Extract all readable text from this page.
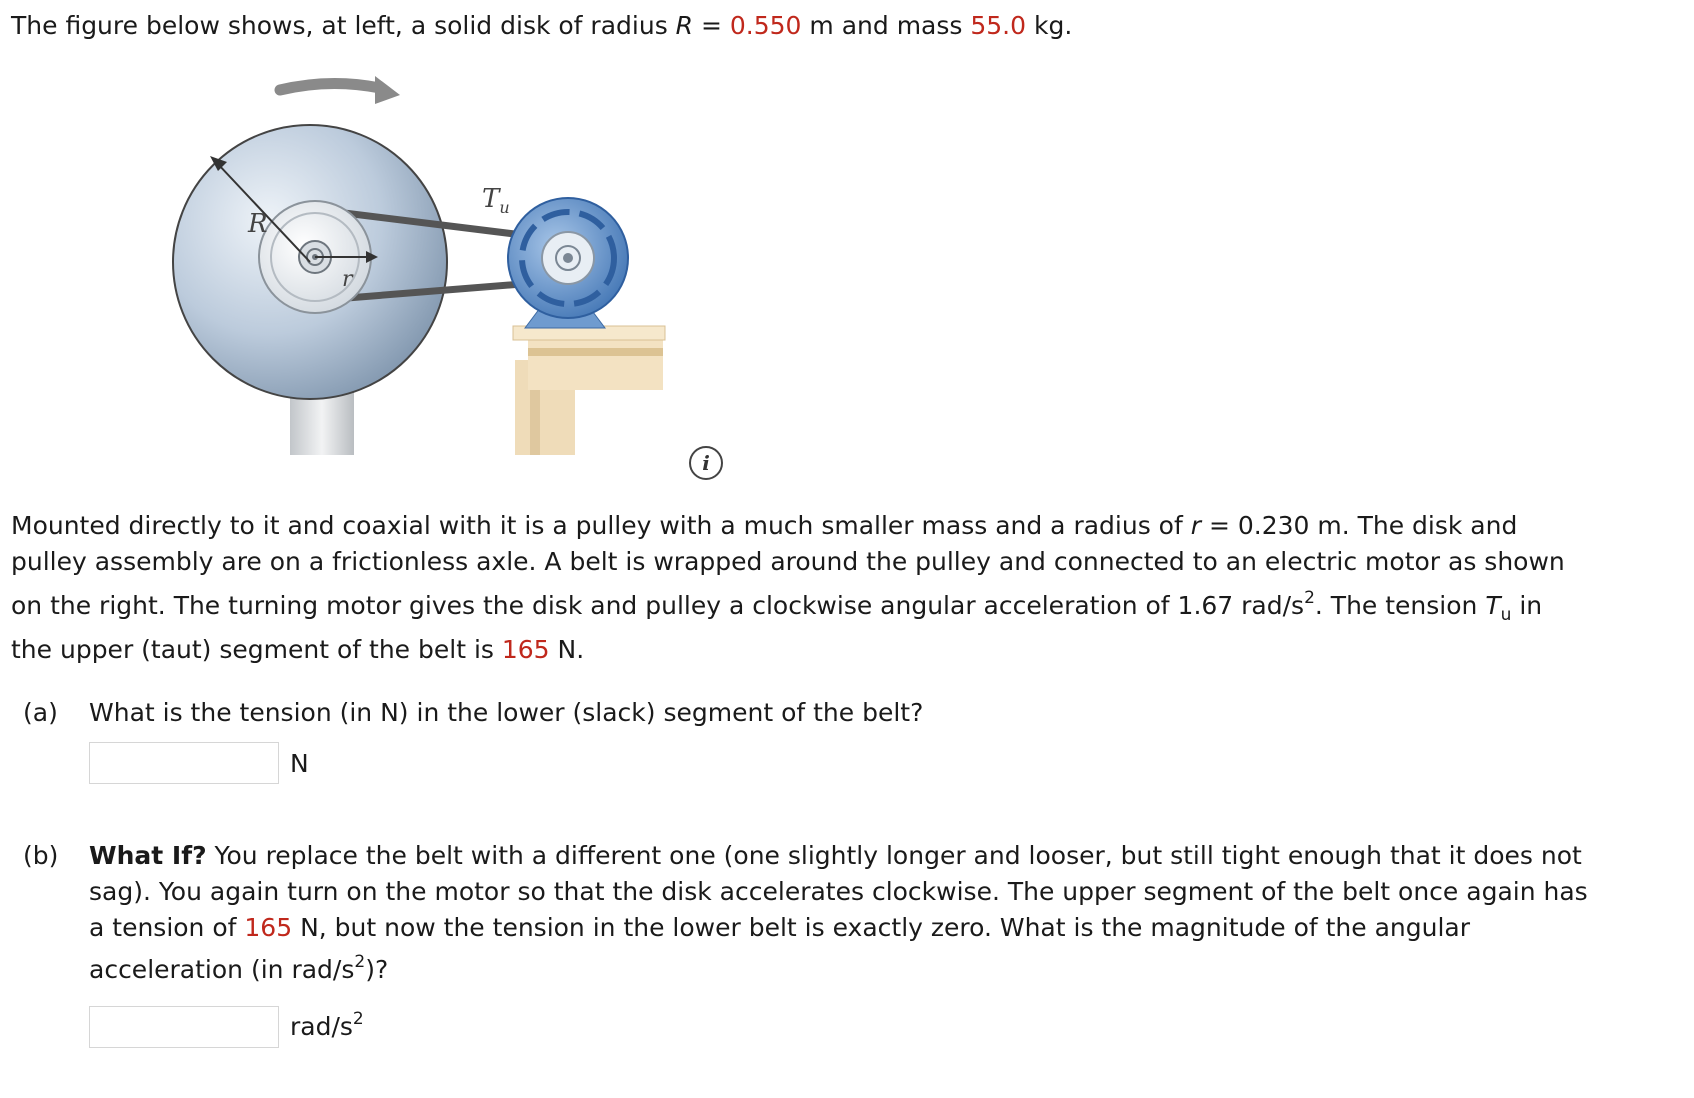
The figure below shows, at left, a solid disk of radius R = 0.550 m and mass 55.0 kg.
R
r
$T_u$
i
Mounted directly to it and coaxial with it is a pulley with a much smaller mass and a radius of r = 0.230 m. The disk and
pulley assembly are on a frictionless axle. A belt is wrapped around the pulley and connected to an electric motor as shown
on the right. The turning motor gives the disk and pulley a clockwise angular acceleration of 1.67 rad/$s^2$. The tension $T_u$ in
the upper (taut) segment of the belt is 165 N.
(a) What is the tension (in N) in the lower (slack) segment of the belt?
N
(b) What If? You replace the belt with a different one (one slightly longer and looser, but still tight enough that it does not
sag). You again turn on the motor so that the disk accelerates clockwise. The upper segment of the belt once again has
a tension of 165 N, but now the tension in the lower belt is exactly zero. What is the magnitude of the angular
acceleration (in rad/$s^2$)?
rad/$s^2$
